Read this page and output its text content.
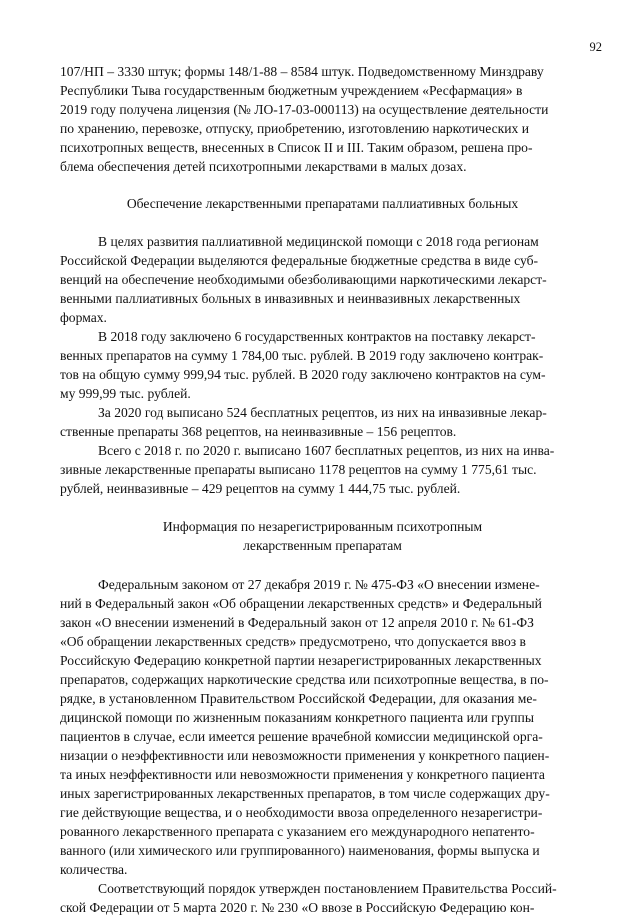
92
107/НП – 3330 штук; формы 148/1-88 – 8584 штук. Подведомственному Минздраву
Республики Тыва государственным бюджетным учреждением «Ресфармация» в
2019 году получена лицензия (№ ЛО-17-03-000113) на осуществление деятельности
по хранению, перевозке, отпуску, приобретению, изготовлению наркотических и
психотропных веществ, внесенных в Список II и III. Таким образом, решена про-
блема обеспечения детей психотропными лекарствами в малых дозах.
Обеспечение лекарственными препаратами паллиативных больных
В целях развития паллиативной медицинской помощи с 2018 года регионам
Российской Федерации выделяются федеральные бюджетные средства в виде суб-
венций на обеспечение необходимыми обезболивающими наркотическими лекарст-
венными паллиативных больных в инвазивных и неинвазивных лекарственных
формах.
В 2018 году заключено 6 государственных контрактов на поставку лекарст-
венных препаратов на сумму 1 784,00 тыс. рублей. В 2019 году заключено контрак-
тов на общую сумму 999,94 тыс. рублей. В 2020 году заключено контрактов на сум-
му 999,99 тыс. рублей.
За 2020 год выписано 524 бесплатных рецептов, из них на инвазивные лекар-
ственные препараты 368 рецептов, на неинвазивные – 156 рецептов.
Всего с 2018 г. по 2020 г. выписано 1607 бесплатных рецептов, из них на инва-
зивные лекарственные препараты выписано 1178 рецептов на сумму 1 775,61 тыс.
рублей, неинвазивные – 429 рецептов на сумму 1 444,75 тыс. рублей.
Информация по незарегистрированным психотропным
лекарственным препаратам
Федеральным законом от 27 декабря 2019 г. № 475-ФЗ «О внесении измене-
ний в Федеральный закон «Об обращении лекарственных средств» и Федеральный
закон «О внесении изменений в Федеральный закон от 12 апреля 2010 г. № 61-ФЗ
«Об обращении лекарственных средств» предусмотрено, что допускается ввоз в
Российскую Федерацию конкретной партии незарегистрированных лекарственных
препаратов, содержащих наркотические средства или психотропные вещества, в по-
рядке, в установленном Правительством Российской Федерации, для оказания ме-
дицинской помощи по жизненным показаниям конкретного пациента или группы
пациентов в случае, если имеется решение врачебной комиссии медицинской орга-
низации о неэффективности или невозможности применения у конкретного пациен-
та иных неэффективности или невозможности применения у конкретного пациента
иных зарегистрированных лекарственных препаратов, в том числе содержащих дру-
гие действующие вещества, и о необходимости ввоза определенного незарегистри-
рованного лекарственного препарата с указанием его международного непатенто-
ванного (или химического или группированного) наименования, формы выпуска и
количества.
Соответствующий порядок утвержден постановлением Правительства Россий-
ской Федерации от 5 марта 2020 г. № 230 «О ввозе в Российскую Федерацию кон-
